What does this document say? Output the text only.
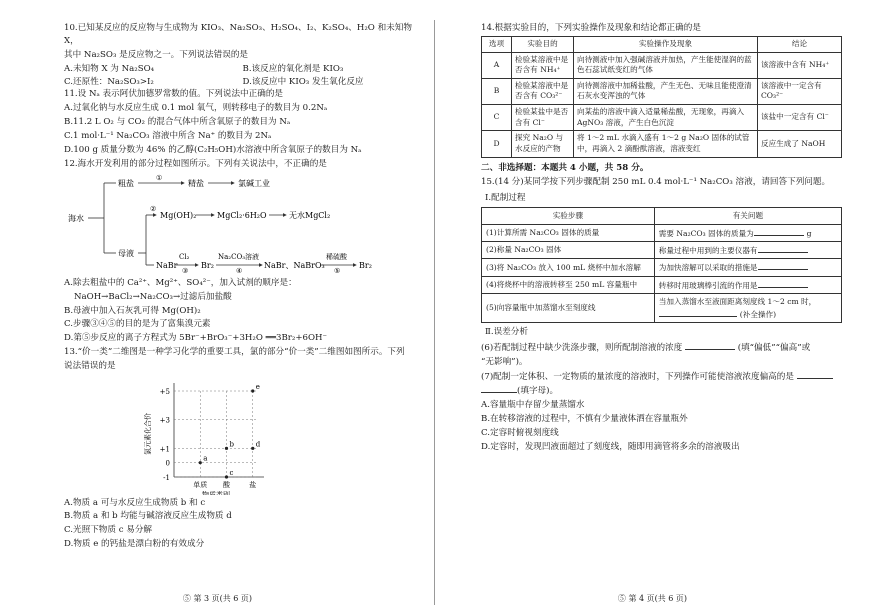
10.已知某反应的反应物与生成物为 KIO₃、Na₂SO₃、H₂SO₄、I₂、K₂SO₄、H₂O 和未知物 X，

其中 Na₂SO₃ 是反应物之一。下列说法错误的是

A.未知物 X 为 Na₂SO₄	B.该反应的氧化剂是 KIO₃
C.还原性：Na₂SO₃>I₂	D.该反应中 KIO₃ 发生氧化反应

11.设 Nₐ 表示阿伏加德罗常数的值。下列说法中正确的是

A.过氧化钠与水反应生成 0.1 mol 氧气，则转移电子的数目为 0.2Nₐ

B.11.2 L O₂ 与 CO₂ 的混合气体中所含氧原子的数目为 Nₐ

C.1 mol·L⁻¹ Na₂CO₃ 溶液中所含 Na⁺ 的数目为 2Nₐ

D.100 g 质量分数为 46% 的乙醇(C₂H₅OH)水溶液中所含氧原子的数目为 Nₐ

12.海水开发利用的部分过程如图所示。下列有关说法中，不正确的是

海水
粗盐
①
精盐	氯碱工业
母液
②
Mg(OH)₂	MgCl₂·6H₂O	无水MgCl₂
NaBr
Cl₂
③
Br₂
Na₂CO₃溶液
④
NaBr、NaBrO₃
稀硫酸
⑤
Br₂

A.除去粗盐中的 Ca²⁺、Mg²⁺、SO₄²⁻，加入试剂的顺序是：

NaOH→BaCl₂→Na₂CO₃→过滤后加盐酸

B.母液中加入石灰乳可得 Mg(OH)₂

C.步骤③④⑤的目的是为了富集溴元素

D.第⑤步反应的离子方程式为 5Br⁻+BrO₃⁻+3H₂O ══3Br₂+6OH⁻

13.“价一类”二维图是一种学习化学的重要工具，氯的部分“价一类”二维图如图所示。下列

说法错误的是

+5
+3
+1
0
-1
单质 酸	盐
氯元素化合价
物质类别
a
b
c
d
e
A.物质 a 可与水反应生成物质 b 和 c

B.物质 a 和 b 均能与碱溶液反应生成物质 d

C.光照下物质 c 易分解

D.物质 e 的钙盐是漂白粉的有效成分

⑤ 第 3 页(共 6 页)

14.根据实验目的，下列实验操作及现象和结论都正确的是

选项	实验目的	实验操作及现象	结论
A	检验某溶液中是否含有 NH₄⁺	向待测液中加入强碱溶液并加热，产生能使湿润的蓝色石蕊试纸变红的气体	该溶液中含有 NH₄⁺
B	检验某溶液中是否含有 CO₃²⁻	向待测溶液中加稀盐酸，产生无色、无味且能使澄清石灰水变浑浊的气体	该溶液中一定含有 CO₃²⁻
C	检验某盐中是否含有 Cl⁻	向某盐的溶液中滴入适量稀盐酸，无现象，再滴入 AgNO₃ 溶液，产生白色沉淀	该盐中一定含有 Cl⁻
D	探究 Na₂O 与水反应的产物	将 1～2 mL 水滴入盛有 1～2 g Na₂O 固体的试管中，再滴入 2 滴酚酞溶液，溶液变红	反应生成了 NaOH

二、非选择题：本题共 4 小题，共 58 分。

15.(14 分)某同学按下列步骤配制 250 mL 0.4 mol·L⁻¹ Na₂CO₃ 溶液，请回答下列问题。

Ⅰ.配制过程

实验步骤	有关问题
(1)计算所需 Na₂CO₃ 固体的质量	需要 Na₂CO₃ 固体的质量为 g
(2)称量 Na₂CO₃ 固体	称量过程中用到的主要仪器有
(3)将 Na₂CO₃ 放入 100 mL 烧杯中加水溶解	为加快溶解可以采取的措施是
(4)将烧杯中的溶液转移至 250 mL 容量瓶中	转移时用玻璃棒引流的作用是
(5)向容量瓶中加蒸馏水至刻度线	当加入蒸馏水至液面距离刻度线 1～2 cm 时，
(补全操作)

Ⅱ.误差分析

(6)若配制过程中缺少洗涤步骤，则所配制溶液的浓度	(填“偏低”“偏高”或

“无影响”)。

(7)配制一定体积、一定物质的量浓度的溶液时，下列操作可能使溶液浓度偏高的是

(填字母)。

A.容量瓶中存留少量蒸馏水

B.在转移溶液的过程中，不慎有少量液体洒在容量瓶外

C.定容时俯视刻度线

D.定容时，发现凹液面超过了刻度线，随即用滴管将多余的溶液吸出

⑤ 第 4 页(共 6 页)
